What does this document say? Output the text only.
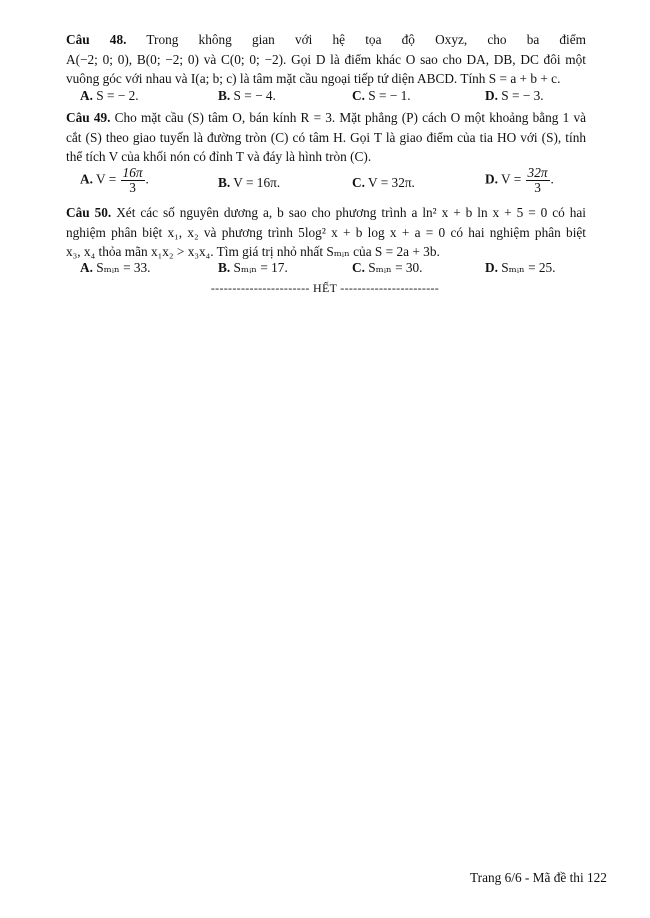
Câu 48. Trong không gian với hệ tọa độ Oxyz, cho ba điểm

A(−2; 0; 0), B(0; −2; 0) và C(0; 0; −2). Gọi D là điểm khác O sao cho DA, DB, DC đôi một

vuông góc với nhau và I(a; b; c) là tâm mặt cầu ngoại tiếp tứ diện ABCD. Tính S = a + b + c.

A. S = − 2.	B. S = − 4.	C. S = − 1.	D. S = − 3.

Câu 49. Cho mặt cầu (S) tâm O, bán kính R = 3. Mặt phẳng (P) cách O một khoảng bằng 1 và

cắt (S) theo giao tuyến là đường tròn (C) có tâm H. Gọi T là giao điểm của tia HO với (S), tính

thể tích V của khối nón có đỉnh T và đáy là hình tròn (C).

A. $V = \frac{16\pi}{3}$ .	B. V = 16π.	C. V = 32π.	D. $V = \frac{32\pi}{3}$ .

Câu 50. Xét các số nguyên dương a, b sao cho phương trình a ln² x + b ln x + 5 = 0 có hai

nghiệm phân biệt x₁, x₂ và phương trình 5log² x + b log x + a = 0 có hai nghiệm phân biệt

x₃, x₄ thỏa mãn x₁x₂ > x₃x₄. Tìm giá trị nhỏ nhất Sₘᵢₙ của S = 2a + 3b.

A. Sₘᵢₙ = 33.	B. Sₘᵢₙ = 17.	C. Sₘᵢₙ = 30.	D. Sₘᵢₙ = 25.
----------------------- HẾT -----------------------
Trang 6/6 - Mã đề thi 122
